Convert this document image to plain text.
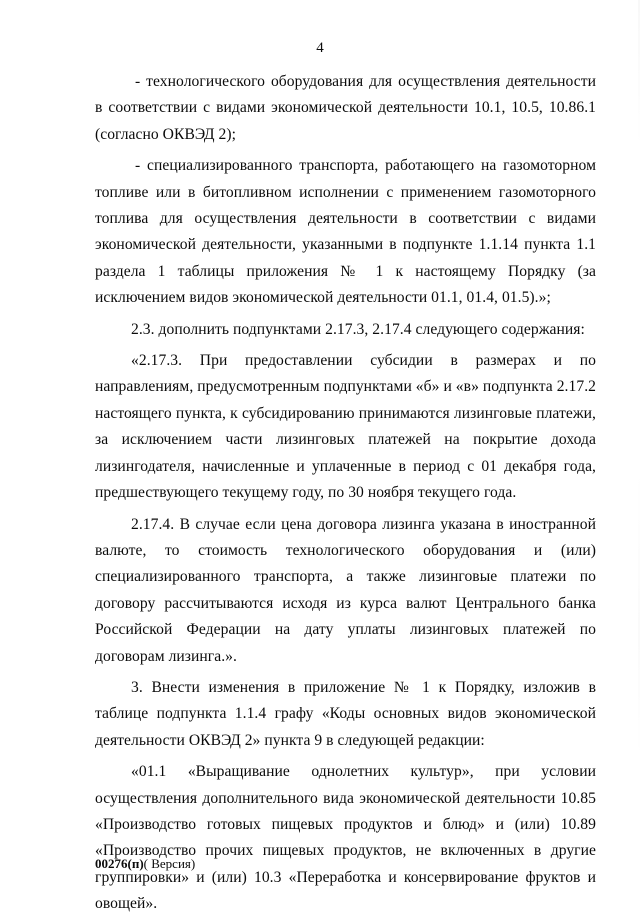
4

- технологического оборудования для осуществления деятельности в соответствии с видами экономической деятельности 10.1, 10.5, 10.86.1 (согласно ОКВЭД 2);

- специализированного транспорта, работающего на газомоторном топливе или в битопливном исполнении с применением газомоторного топлива для осуществления деятельности в соответствии с видами экономической деятельности, указанными в подпункте 1.1.14 пункта 1.1 раздела 1 таблицы приложения № 1 к настоящему Порядку (за исключением видов экономической деятельности 01.1, 01.4, 01.5).»;

2.3. дополнить подпунктами 2.17.3, 2.17.4 следующего содержания:

«2.17.3. При предоставлении субсидии в размерах и по направлениям, предусмотренным подпунктами «б» и «в» подпункта 2.17.2 настоящего пункта, к субсидированию принимаются лизинговые платежи, за исключением части лизинговых платежей на покрытие дохода лизингодателя, начисленные и уплаченные в период с 01 декабря года, предшествующего текущему году, по 30 ноября текущего года.

2.17.4. В случае если цена договора лизинга указана в иностранной валюте, то стоимость технологического оборудования и (или) специализированного транспорта, а также лизинговые платежи по договору рассчитываются исходя из курса валют Центрального банка Российской Федерации на дату уплаты лизинговых платежей по договорам лизинга.».

3. Внести изменения в приложение № 1 к Порядку, изложив в таблице подпункта 1.1.4 графу «Коды основных видов экономической деятельности ОКВЭД 2» пункта 9 в следующей редакции:

«01.1 «Выращивание однолетних культур», при условии осуществления дополнительного вида экономической деятельности 10.85 «Производство готовых пищевых продуктов и блюд» и (или) 10.89 «Производство прочих пищевых продуктов, не включенных в другие группировки» и (или) 10.3 «Переработка и консервирование фруктов и овощей».

00276(п)( Версия)
